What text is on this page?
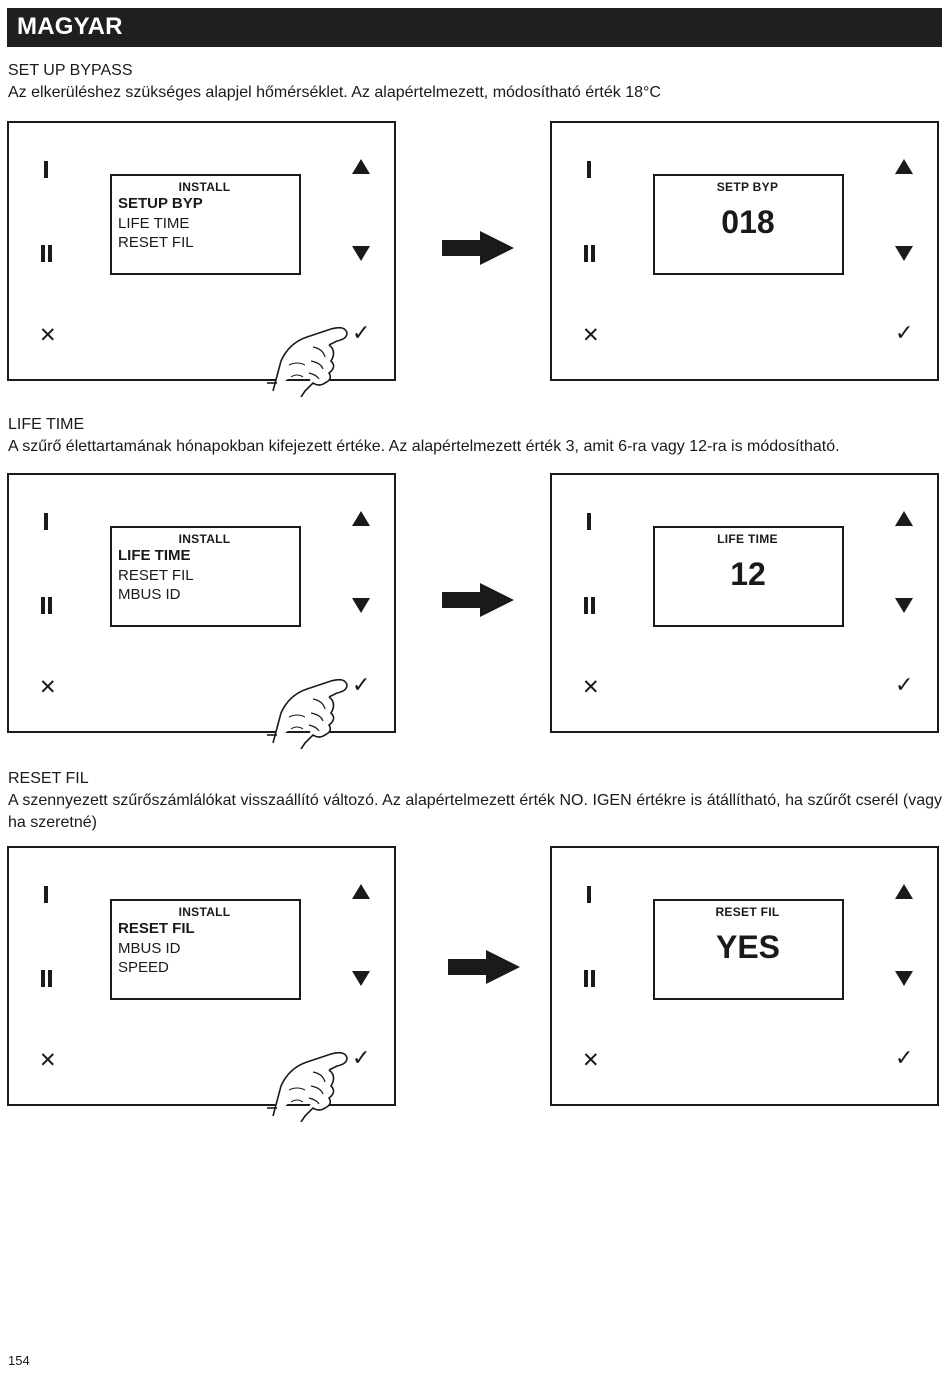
MAGYAR
SET UP BYPASS
Az elkerüléshez szükséges alapjel hőmérséklet. Az alapértelmezett, módosítható érték 18°C
✕	✓
INSTALL
SETUP BYP
LIFE TIME
RESET FIL
✕	✓
SETP BYP
018
LIFE TIME
A szűrő élettartamának hónapokban kifejezett értéke. Az alapértelmezett érték 3, amit 6-ra vagy 12-ra is módosítható.
✕	✓
INSTALL
LIFE TIME
RESET FIL
MBUS ID
✕	✓
LIFE TIME
12
RESET FIL
A szennyezett szűrőszámlálókat visszaállító változó. Az alapértelmezett érték NO. IGEN értékre is átállítható, ha szűrőt cserél (vagy ha szeretné)
✕	✓
INSTALL
RESET FIL
MBUS ID
SPEED
✕	✓
RESET FIL
YES
154
